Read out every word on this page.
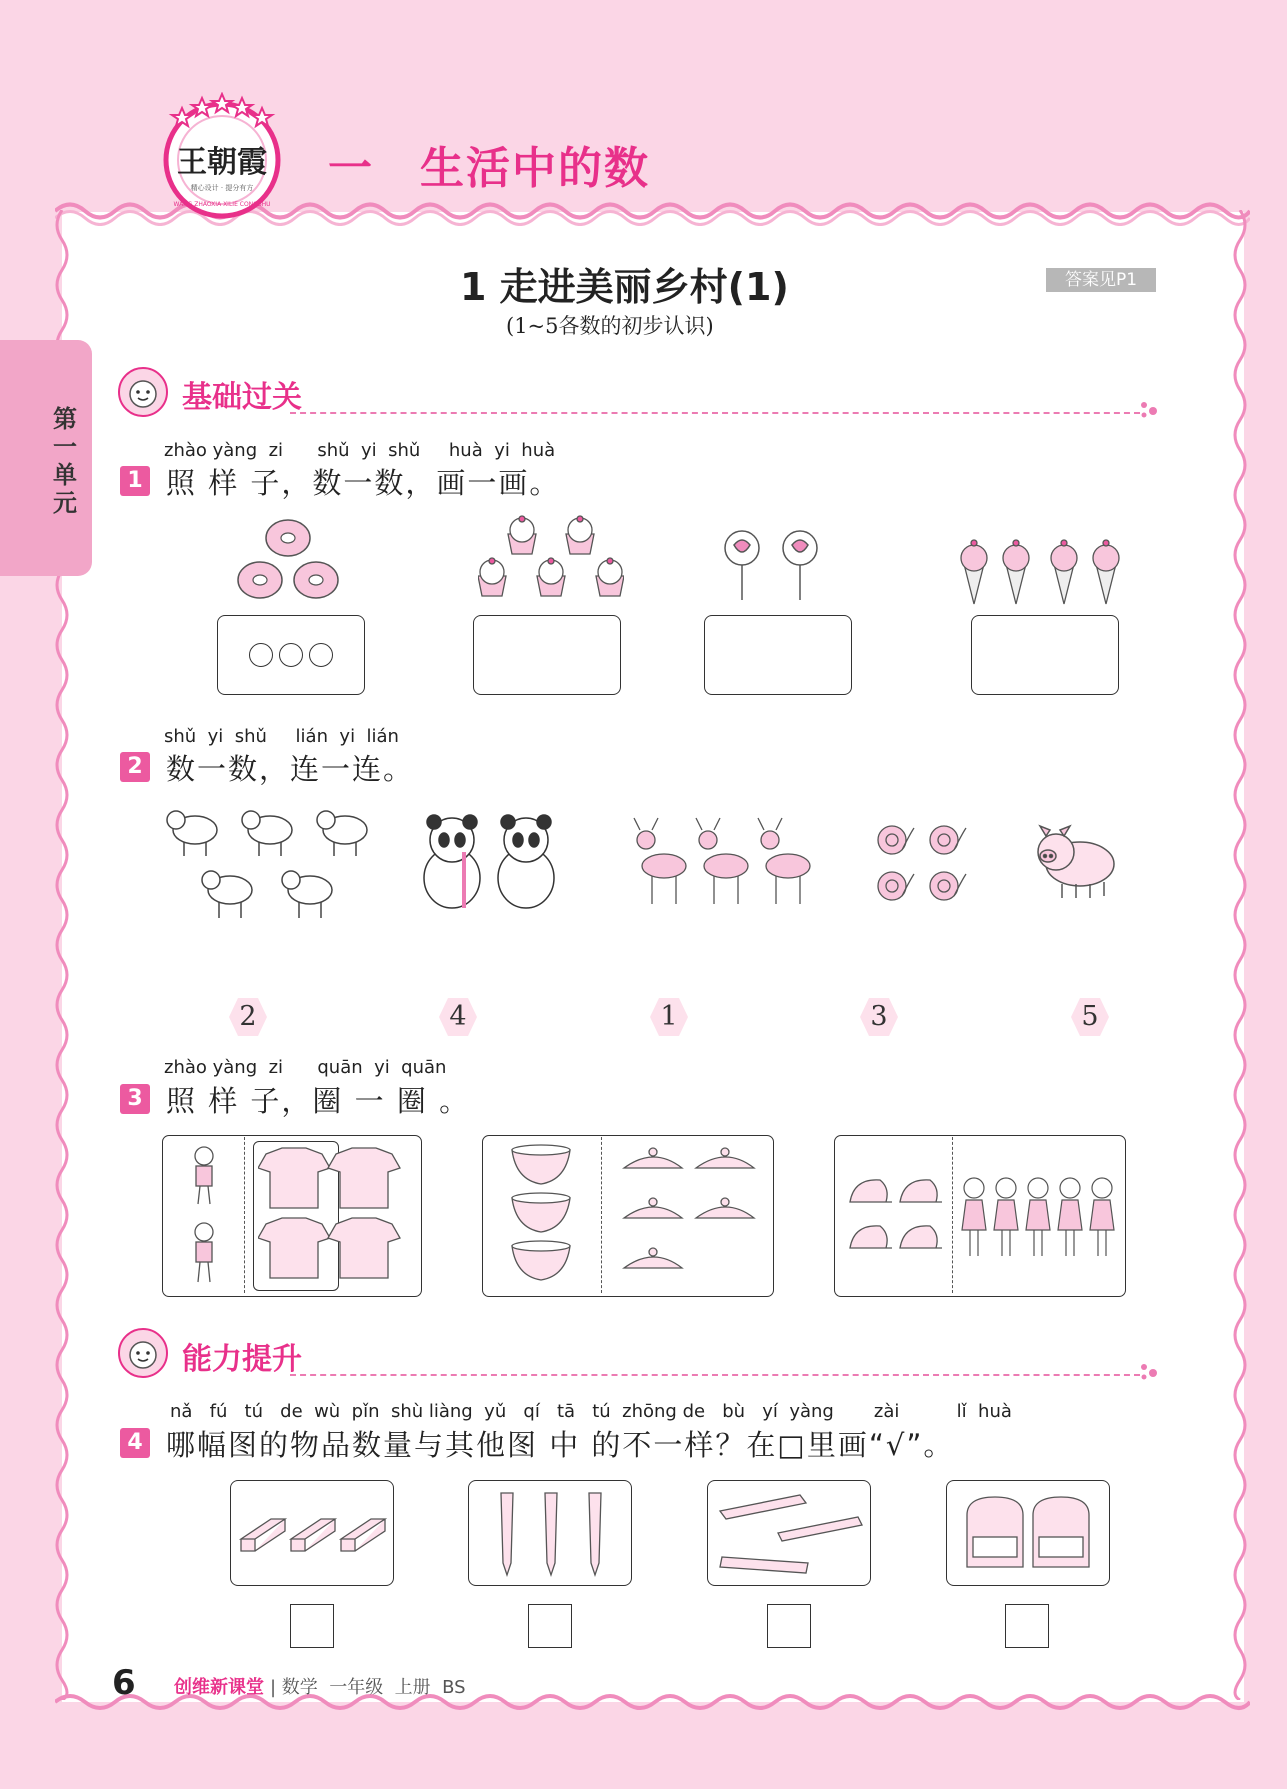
王朝霞
精心设计 · 提分有方
WANG ZHAOXIA XILIE CONGSHU
一 生活中的数
第一单元
1 走进美丽乡村(1)	答案见P1
(1~5各数的初步认识)
基础过关
zhào yàng  zi      shǔ  yi  shǔ     huà  yi  huà
1 照 样 子，数一数，画一画。
shǔ  yi  shǔ     lián  yi  lián
2 数一数，连一连。
2	4	1	3	5
zhào yàng  zi      quān  yi  quān
3 照 样 子，圈 一 圈 。
能力提升
nǎ   fú   tú   de  wù  pǐn  shù liàng  yǔ   qí   tā   tú  zhōng de   bù   yí  yàng       zài          lǐ  huà
4 哪幅图的物品数量与其他图 中 的不一样？在□里画“√”。
6 创维新课堂 | 数学  一年级  上册  BS
